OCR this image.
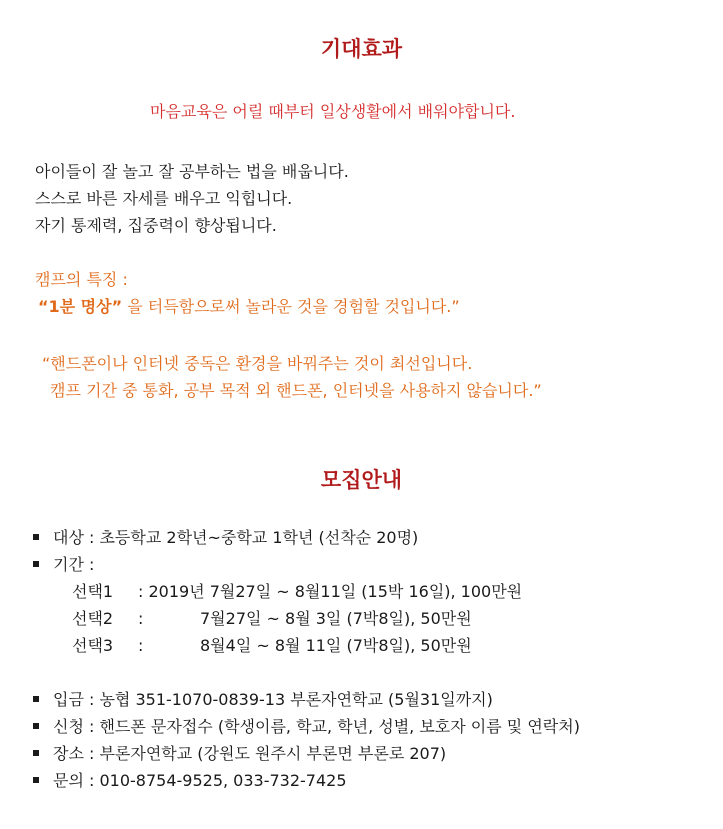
기대효과
마음교육은 어릴 때부터 일상생활에서 배워야합니다.
아이들이 잘 놀고 잘 공부하는 법을 배웁니다.
스스로 바른 자세를 배우고 익힙니다.
자기 통제력, 집중력이 향상됩니다.
캠프의 특징 :
“1분 명상” 을 터득함으로써 놀라운 것을 경험할 것입니다.”
“핸드폰이나 인터넷 중독은 환경을 바꿔주는 것이 최선입니다.
캠프 기간 중 통화, 공부 목적 외 핸드폰, 인터넷을 사용하지 않습니다.”
모집안내
대상 : 초등학교 2학년~중학교 1학년 (선착순 20명)
기간 :
선택1 : 2019년 7월27일 ~ 8월11일 (15박 16일), 100만원
선택2 :	7월27일 ~ 8월 3일 (7박8일), 50만원
선택3 :	8월4일 ~ 8월 11일 (7박8일), 50만원
입금 : 농협 351-1070-0839-13 부론자연학교 (5월31일까지)
신청 : 핸드폰 문자접수 (학생이름, 학교, 학년, 성별, 보호자 이름 및 연락처)
장소 : 부론자연학교 (강원도 원주시 부론면 부론로 207)
문의 : 010-8754-9525, 033-732-7425
